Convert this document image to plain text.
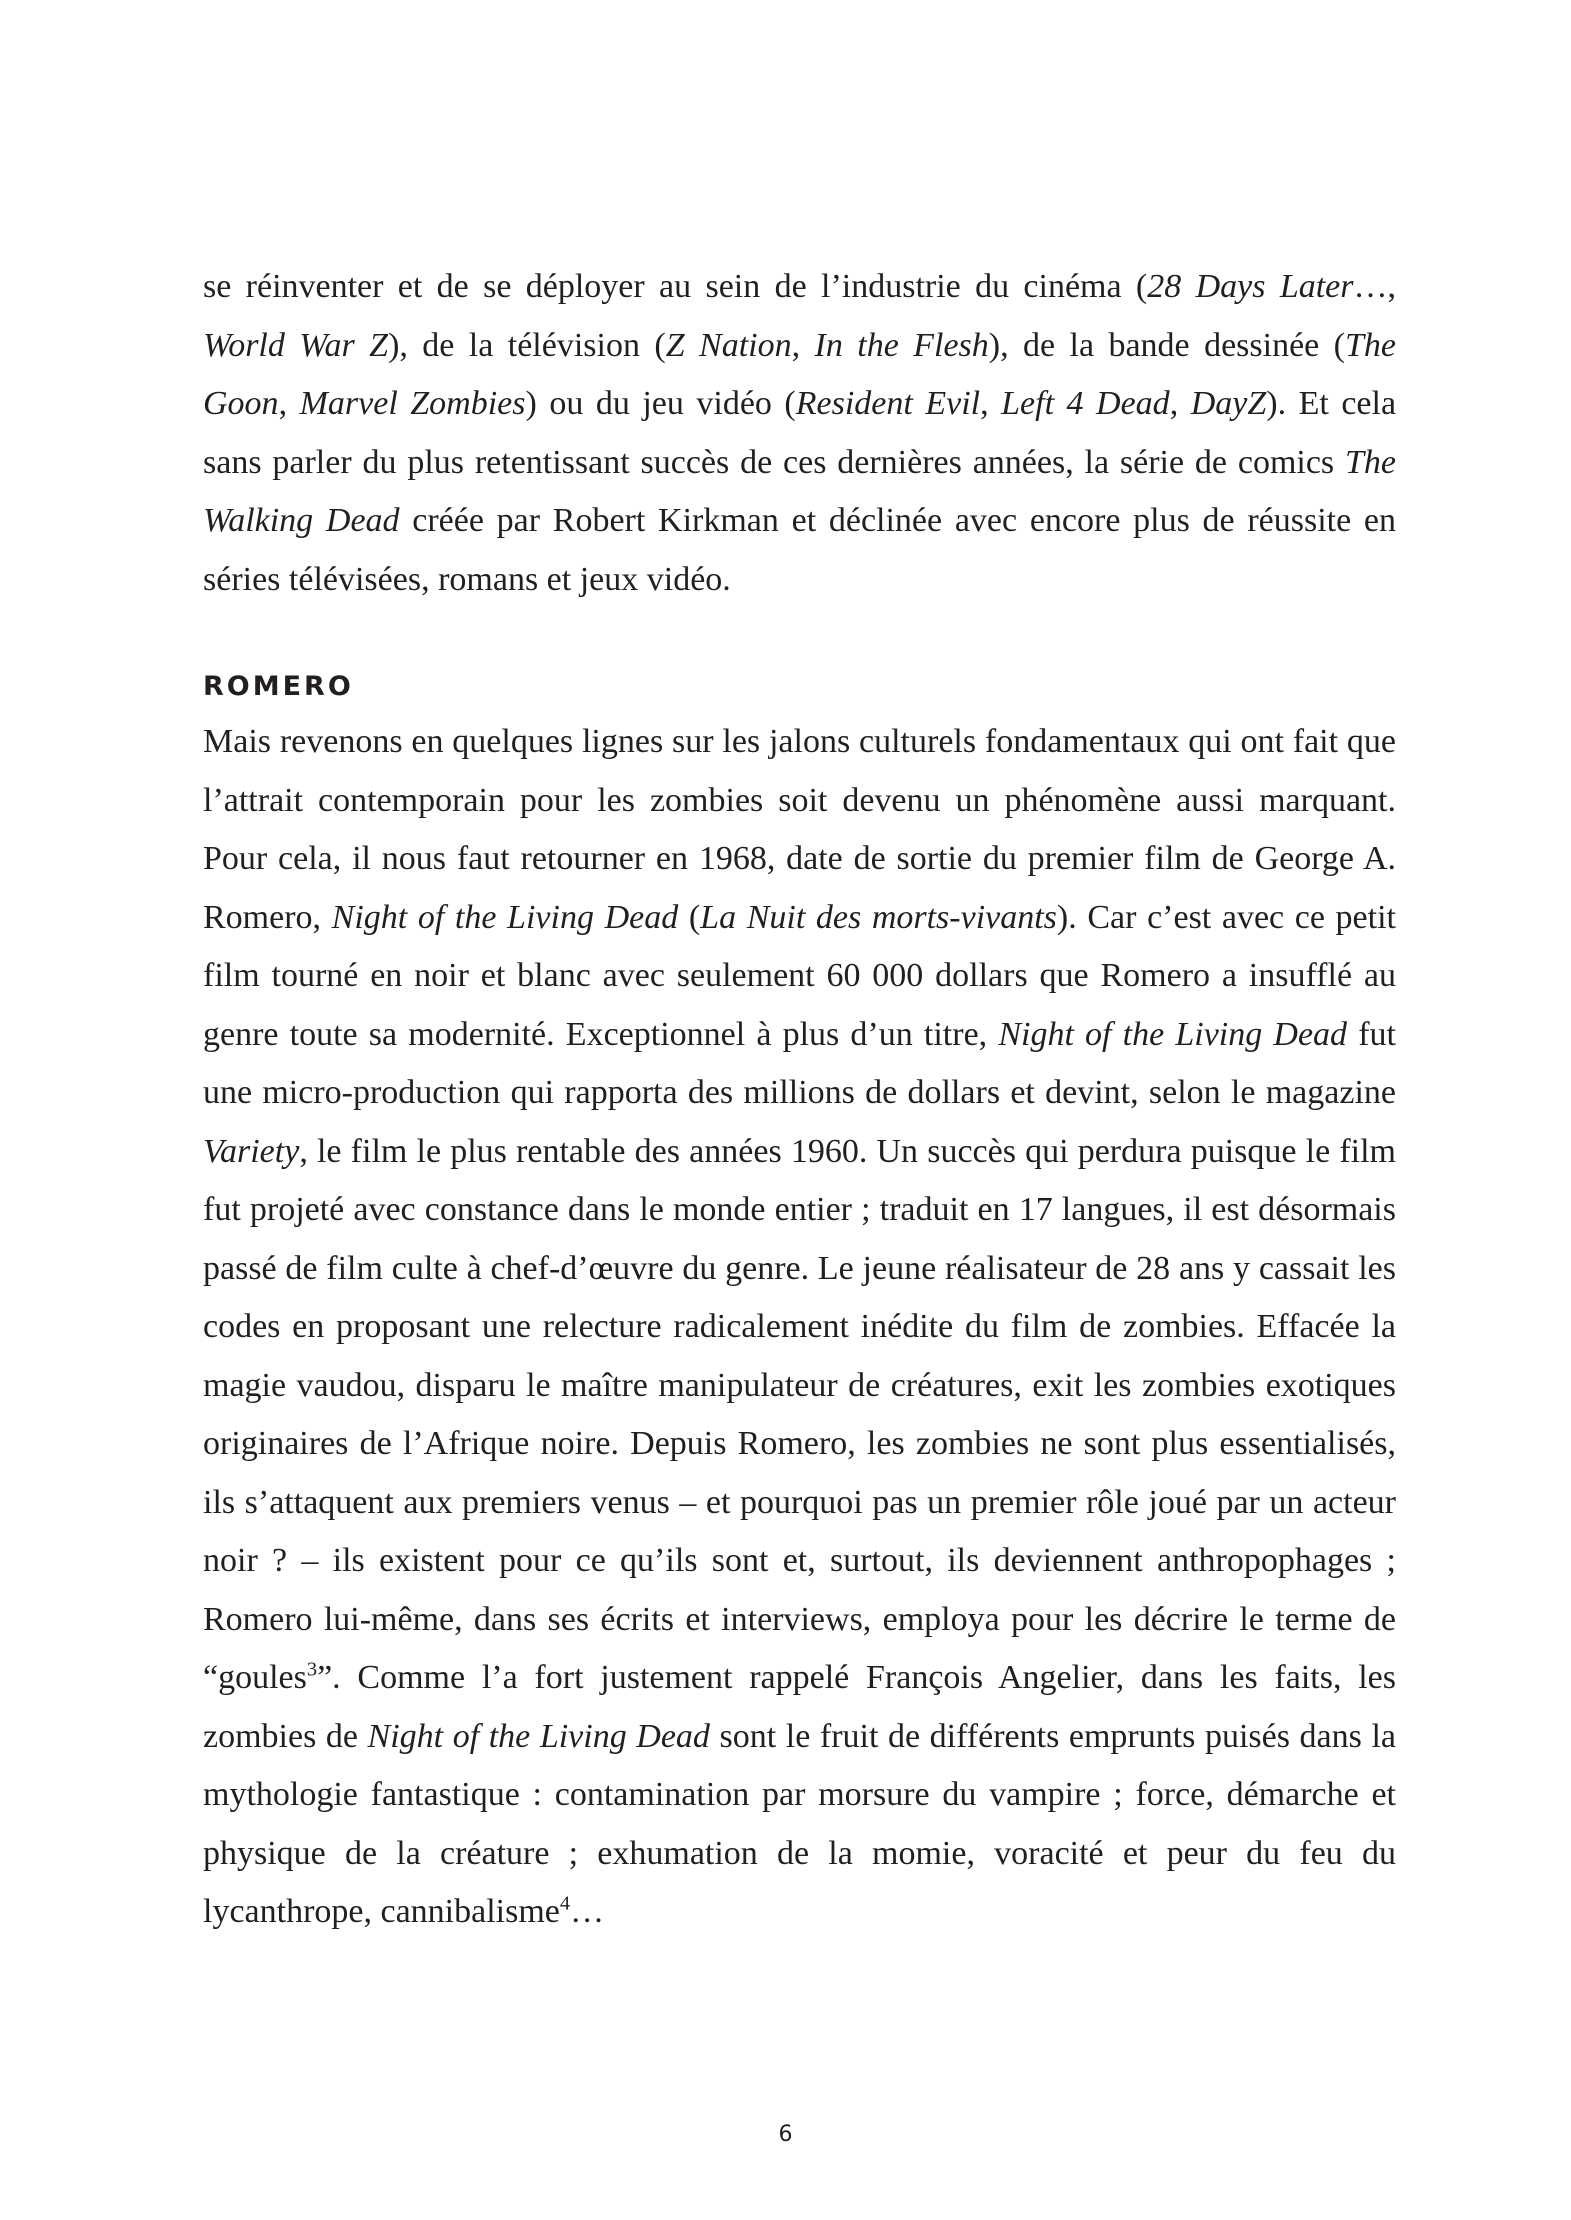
se réinventer et de se déployer au sein de l’industrie du cinéma (28 Days Later…, World War Z), de la télévision (Z Nation, In the Flesh), de la bande dessinée (The Goon, Marvel Zombies) ou du jeu vidéo (Resident Evil, Left 4 Dead, DayZ). Et cela sans parler du plus retentissant succès de ces dernières années, la série de comics The Walking Dead créée par Robert Kirkman et déclinée avec encore plus de réussite en séries télévisées, romans et jeux vidéo.

ROMERO

Mais revenons en quelques lignes sur les jalons culturels fondamentaux qui ont fait que l’attrait contemporain pour les zombies soit devenu un phénomène aussi marquant. Pour cela, il nous faut retourner en 1968, date de sortie du premier film de George A. Romero, Night of the Living Dead (La Nuit des morts-vivants). Car c’est avec ce petit film tourné en noir et blanc avec seulement 60 000 dollars que Romero a insufflé au genre toute sa modernité. Exceptionnel à plus d’un titre, Night of the Living Dead fut une micro-production qui rapporta des millions de dollars et devint, selon le magazine Variety, le film le plus rentable des années 1960. Un succès qui perdura puisque le film fut projeté avec constance dans le monde entier ; traduit en 17 langues, il est désormais passé de film culte à chef-d’œuvre du genre. Le jeune réalisateur de 28 ans y cassait les codes en proposant une relecture radicalement inédite du film de zombies. Effacée la magie vaudou, disparu le maître manipulateur de créatures, exit les zombies exotiques originaires de l’Afrique noire. Depuis Romero, les zombies ne sont plus essentialisés, ils s’attaquent aux premiers venus – et pourquoi pas un premier rôle joué par un acteur noir ? – ils existent pour ce qu’ils sont et, surtout, ils deviennent anthropophages ; Romero lui-même, dans ses écrits et interviews, employa pour les décrire le terme de “goules$^3$”. Comme l’a fort justement rappelé François Angelier, dans les faits, les zombies de Night of the Living Dead sont le fruit de différents emprunts puisés dans la mythologie fantastique : contamination par morsure du vampire ; force, démarche et physique de la créature ; exhumation de la momie, voracité et peur du feu du lycanthrope, cannibalisme$^4$…

6
